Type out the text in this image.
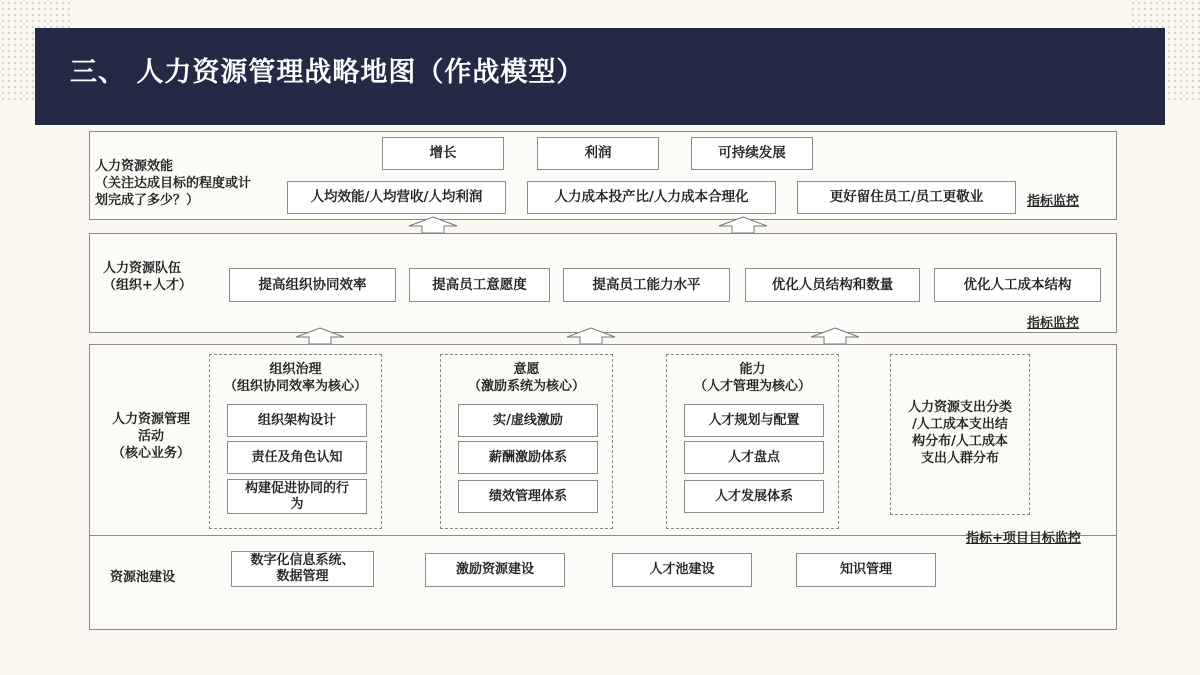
三、 人力资源管理战略地图（作战模型）
人力资源效能
（关注达成目标的程度或计
划完成了多少？）
增长	利润	可持续发展
人均效能/人均营收/人均利润	人力成本投产比/人力成本合理化	更好留住员工/员工更敬业	指标监控
人力资源队伍
（组织+人才）	提高组织协同效率	提高员工意愿度	提高员工能力水平	优化人员结构和数量	优化人工成本结构
指标监控
人力资源管理
活动
（核心业务）
组织治理
（组织协同效率为核心）
组织架构设计
责任及角色认知
构建促进协同的行
为
意愿
（激励系统为核心）
实/虚线激励
薪酬激励体系
绩效管理体系
能力
（人才管理为核心）
人才规划与配置
人才盘点
人才发展体系
人力资源支出分类
/人工成本支出结
构分布/人工成本
支出人群分布
指标+项目目标监控
资源池建设
数字化信息系统、
数据管理	激励资源建设	人才池建设	知识管理
